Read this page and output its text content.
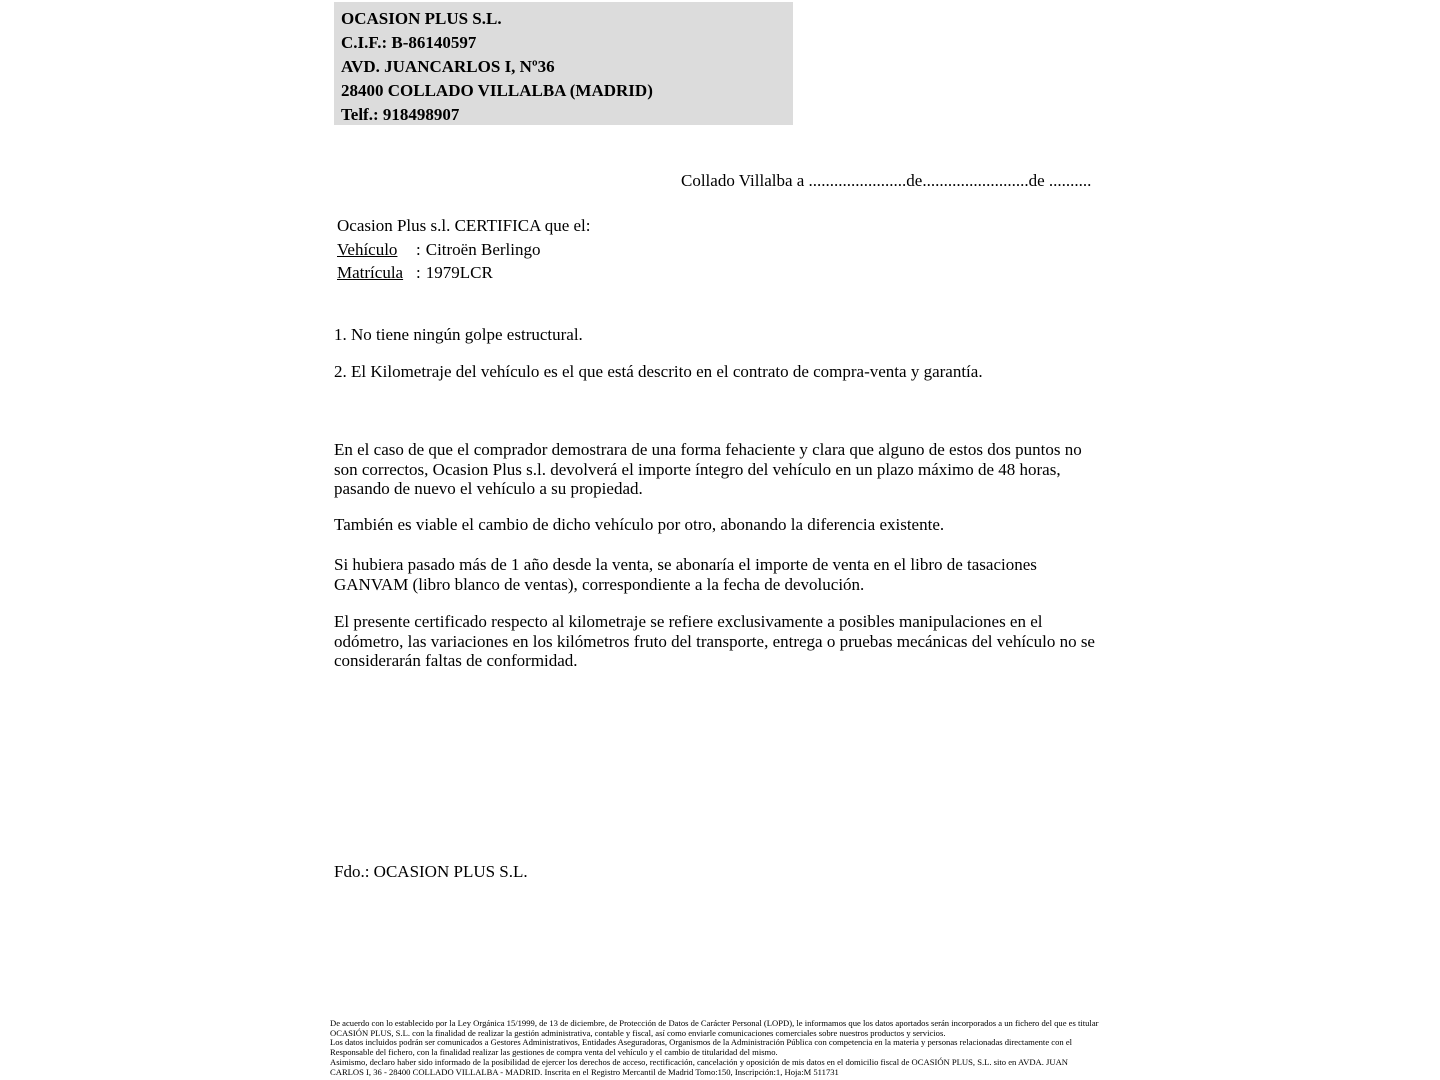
OCASION PLUS S.L.
C.I.F.: B-86140597
AVD. JUANCARLOS I, Nº36
28400 COLLADO VILLALBA (MADRID)
Telf.: 918498907
Collado Villalba a .......................de.........................de ..........
Ocasion Plus s.l. CERTIFICA que el:
Vehículo : Citroën Berlingo
Matrícula : 1979LCR
1. No tiene ningún golpe estructural.
2. El Kilometraje del vehículo es el que está descrito en el contrato de compra-venta y garantía.
En el caso de que el comprador demostrara de una forma fehaciente y clara que alguno de estos dos puntos no son correctos, Ocasion Plus s.l. devolverá el importe íntegro del vehículo en un plazo máximo de 48 horas, pasando de nuevo el vehículo a su propiedad.
También es viable el cambio de dicho vehículo por otro, abonando la diferencia existente.
Si hubiera pasado más de 1 año desde la venta, se abonaría el importe de venta en el libro de tasaciones GANVAM (libro blanco de ventas), correspondiente a la fecha de devolución.
El presente certificado respecto al kilometraje se refiere exclusivamente a posibles manipulaciones en el odómetro, las variaciones en los kilómetros fruto del transporte, entrega o pruebas mecánicas del vehículo no se considerarán faltas de conformidad.
Fdo.: OCASION PLUS S.L.
De acuerdo con lo establecido por la Ley Orgánica 15/1999, de 13 de diciembre, de Protección de Datos de Carácter Personal (LOPD), le informamos que los datos aportados serán incorporados a un fichero del que es titular OCASIÓN PLUS, S.L. con la finalidad de realizar la gestión administrativa, contable y fiscal, así como enviarle comunicaciones comerciales sobre nuestros productos y servicios.
Los datos incluidos podrán ser comunicados a Gestores Administrativos, Entidades Aseguradoras, Organismos de la Administración Pública con competencia en la materia y personas relacionadas directamente con el Responsable del fichero, con la finalidad realizar las gestiones de compra venta del vehículo y el cambio de titularidad del mismo.
Asimismo, declaro haber sido informado de la posibilidad de ejercer los derechos de acceso, rectificación, cancelación y oposición de mis datos en el domicilio fiscal de OCASIÓN PLUS, S.L. sito en AVDA. JUAN CARLOS I, 36 - 28400 COLLADO VILLALBA - MADRID. Inscrita en el Registro Mercantil de Madrid Tomo:150, Inscripción:1, Hoja:M 511731
